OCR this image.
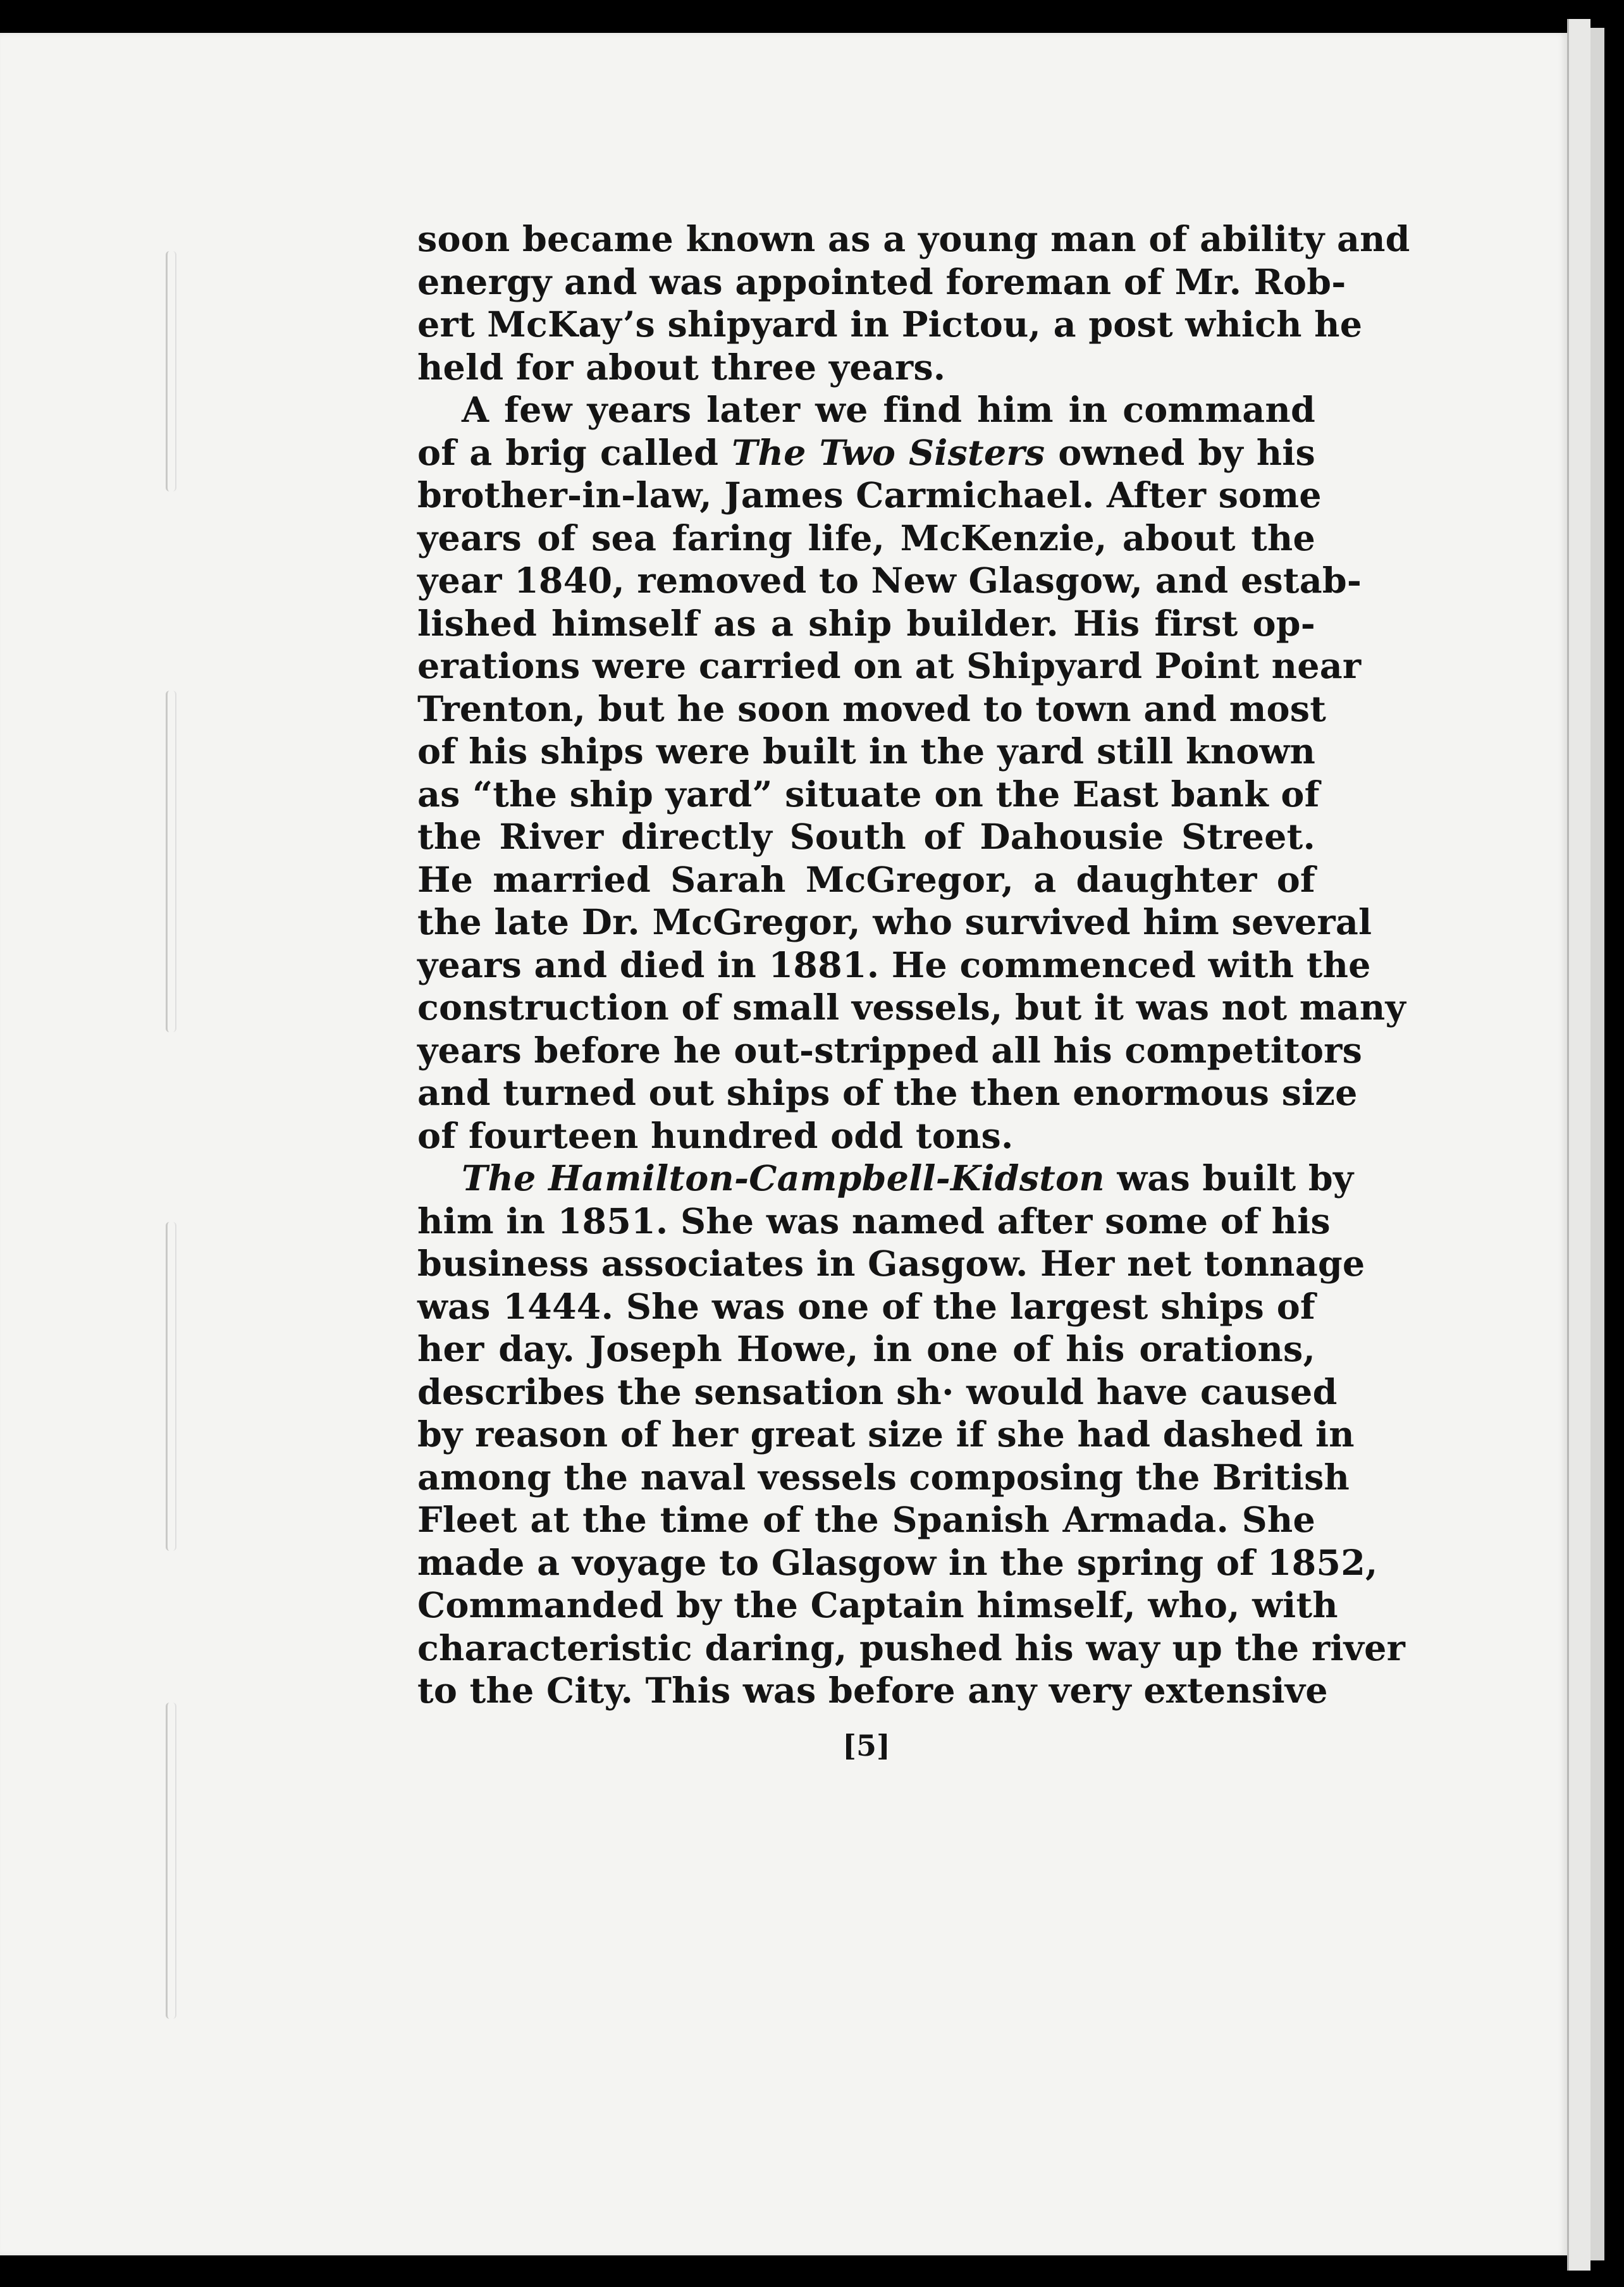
soon became known as a young man of ability and
energy and was appointed foreman of Mr. Rob-
ert McKay’s shipyard in Pictou, a post which he
held for about three years.
A few years later we find him in command
of a brig called The Two Sisters owned by his
brother-in-law, James Carmichael. After some
years of sea faring life, McKenzie, about the
year 1840, removed to New Glasgow, and estab-
lished himself as a ship builder. His first op-
erations were carried on at Shipyard Point near
Trenton, but he soon moved to town and most
of his ships were built in the yard still known
as “the ship yard” situate on the East bank of
the River directly South of Dahousie Street.
He married Sarah McGregor, a daughter of
the late Dr. McGregor, who survived him several
years and died in 1881. He commenced with the
construction of small vessels, but it was not many
years before he out-stripped all his competitors
and turned out ships of the then enormous size
of fourteen hundred odd tons.
The Hamilton-Campbell-Kidston was built by
him in 1851. She was named after some of his
business associates in Gasgow. Her net tonnage
was 1444. She was one of the largest ships of
her day. Joseph Howe, in one of his orations,
describes the sensation sh· would have caused
by reason of her great size if she had dashed in
among the naval vessels composing the British
Fleet at the time of the Spanish Armada. She
made a voyage to Glasgow in the spring of 1852,
Commanded by the Captain himself, who, with
characteristic daring, pushed his way up the river
to the City. This was before any very extensive
[5]
